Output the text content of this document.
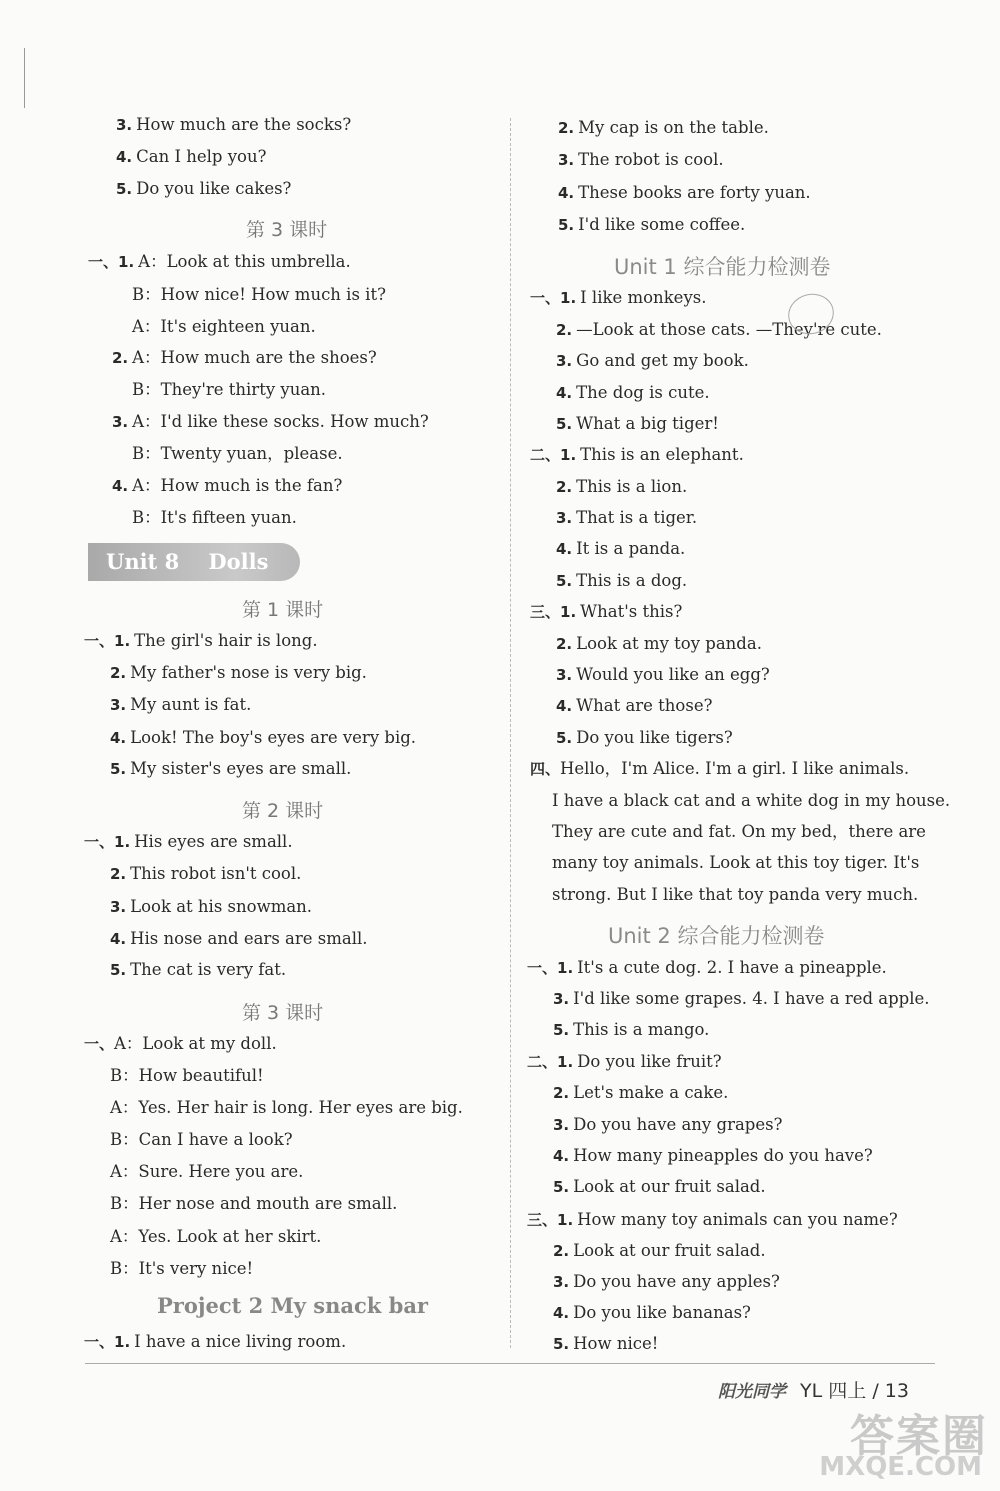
3. How much are the socks?
4. Can I help you?
5. Do you like cakes?
一、1. A：Look at this umbrella.
B：How nice! How much is it?
A：It's eighteen yuan.
2. A：How much are the shoes?
B：They're thirty yuan.
3. A：I'd like these socks. How much?
B：Twenty yuan，please.
4. A：How much is the fan?
B：It's fifteen yuan.
一、1. The girl's hair is long.
2. My father's nose is very big.
3. My aunt is fat.
4. Look! The boy's eyes are very big.
5. My sister's eyes are small.
一、1. His eyes are small.
2. This robot isn't cool.
3. Look at his snowman.
4. His nose and ears are small.
5. The cat is very fat.
一、A：Look at my doll.
B：How beautiful!
A：Yes. Her hair is long. Her eyes are big.
B：Can I have a look?
A：Sure. Here you are.
B：Her nose and mouth are small.
A：Yes. Look at her skirt.
B：It's very nice!
一、1. I have a nice living room.
第 3 课时
第 1 课时
第 2 课时
第 3 课时
2. My cap is on the table.
3. The robot is cool.
4. These books are forty yuan.
5. I'd like some coffee.
一、1. I like monkeys.
2. —Look at those cats. —They're cute.
3. Go and get my book.
4. The dog is cute.
5. What a big tiger!
二、1. This is an elephant.
2. This is a lion.
3. That is a tiger.
4. It is a panda.
5. This is a dog.
三、1. What's this?
2. Look at my toy panda.
3. Would you like an egg?
4. What are those?
5. Do you like tigers?
四、Hello，I'm Alice. I'm a girl. I like animals.
I have a black cat and a white dog in my house.
They are cute and fat. On my bed，there are
many toy animals. Look at this toy tiger. It's
strong. But I like that toy panda very much.
一、1. It's a cute dog. 2. I have a pineapple.
3. I'd like some grapes. 4. I have a red apple.
5. This is a mango.
二、1. Do you like fruit?
2. Let's make a cake.
3. Do you have any grapes?
4. How many pineapples do you have?
5. Look at our fruit salad.
三、1. How many toy animals can you name?
2. Look at our fruit salad.
3. Do you have any apples?
4. Do you like bananas?
5. How nice!
Unit 1 综合能力检测卷
Unit 2 综合能力检测卷
Unit 8    Dolls
Project 2 My snack bar
阳光同学 YL 四上 / 13
答案圈
MXQE.COM
